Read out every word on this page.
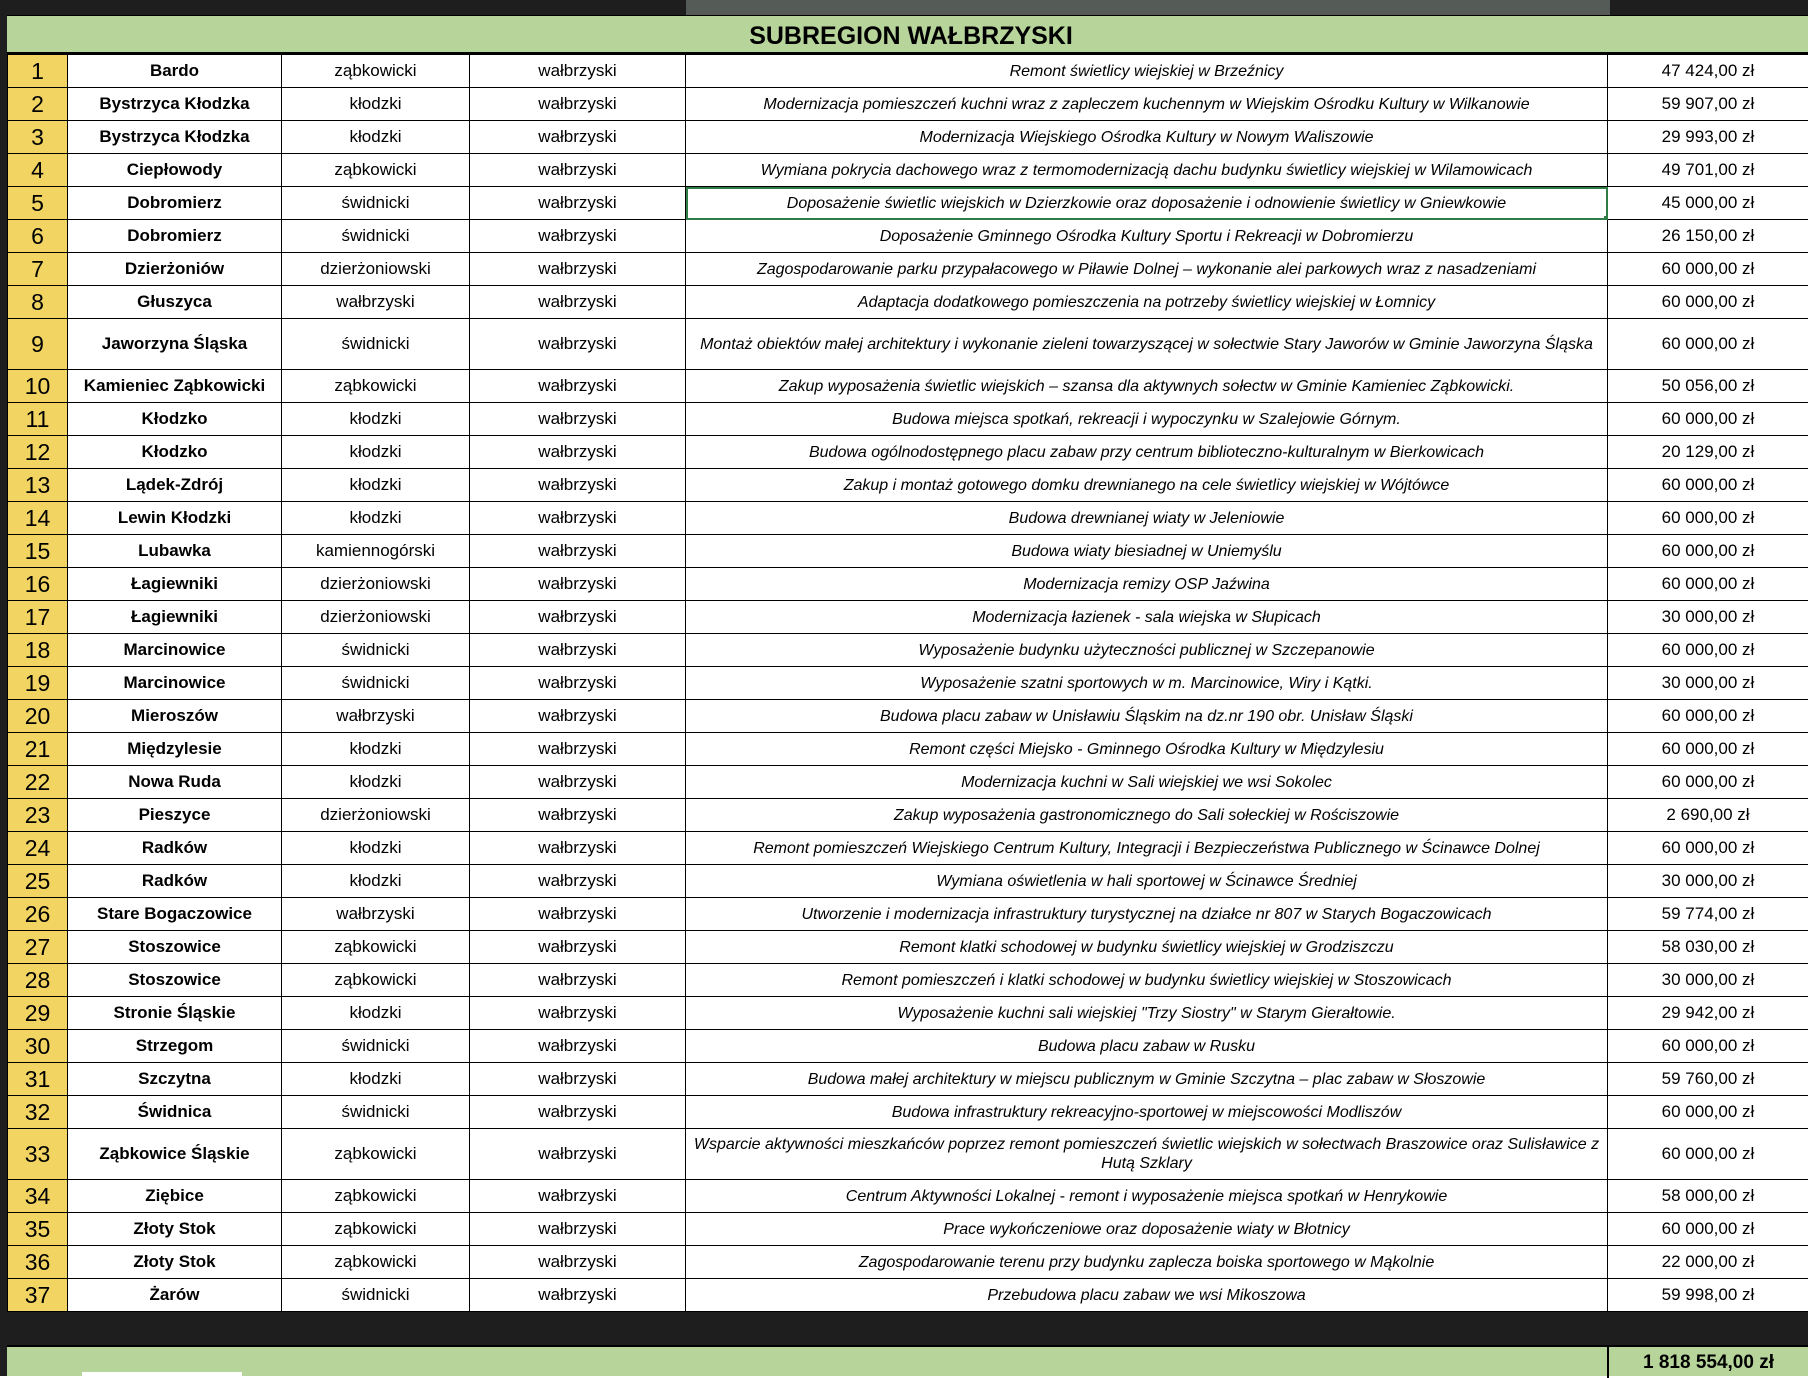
SUBREGION WAŁBRZYSKI
1	Bardo	ząbkowicki	wałbrzyski	Remont świetlicy wiejskiej w Brzeźnicy	47 424,00 zł
2	Bystrzyca Kłodzka	kłodzki	wałbrzyski	Modernizacja pomieszczeń kuchni wraz z zapleczem kuchennym w Wiejskim Ośrodku Kultury w Wilkanowie	59 907,00 zł
3	Bystrzyca Kłodzka	kłodzki	wałbrzyski	Modernizacja Wiejskiego Ośrodka Kultury w Nowym Waliszowie	29 993,00 zł
4	Ciepłowody	ząbkowicki	wałbrzyski	Wymiana pokrycia dachowego wraz z termomodernizacją dachu budynku świetlicy wiejskiej w Wilamowicach	49 701,00 zł
5	Dobromierz	świdnicki	wałbrzyski	Doposażenie świetlic wiejskich w Dzierzkowie oraz doposażenie i odnowienie świetlicy w Gniewkowie	45 000,00 zł
6	Dobromierz	świdnicki	wałbrzyski	Doposażenie Gminnego Ośrodka Kultury Sportu i Rekreacji w Dobromierzu	26 150,00 zł
7	Dzierżoniów	dzierżoniowski	wałbrzyski	Zagospodarowanie parku przypałacowego w Piławie Dolnej – wykonanie alei parkowych wraz z nasadzeniami	60 000,00 zł
8	Głuszyca	wałbrzyski	wałbrzyski	Adaptacja dodatkowego pomieszczenia na potrzeby świetlicy wiejskiej w Łomnicy	60 000,00 zł
9	Jaworzyna Śląska	świdnicki	wałbrzyski	Montaż obiektów małej architektury i wykonanie zieleni towarzyszącej w sołectwie Stary Jaworów w Gminie Jaworzyna Śląska	60 000,00 zł
10	Kamieniec Ząbkowicki	ząbkowicki	wałbrzyski	Zakup wyposażenia świetlic wiejskich – szansa dla aktywnych sołectw w Gminie Kamieniec Ząbkowicki.	50 056,00 zł
11	Kłodzko	kłodzki	wałbrzyski	Budowa miejsca spotkań, rekreacji i wypoczynku w Szalejowie Górnym.	60 000,00 zł
12	Kłodzko	kłodzki	wałbrzyski	Budowa ogólnodostępnego placu zabaw przy centrum biblioteczno-kulturalnym w Bierkowicach	20 129,00 zł
13	Lądek-Zdrój	kłodzki	wałbrzyski	Zakup i montaż gotowego domku drewnianego na cele świetlicy wiejskiej w Wójtówce	60 000,00 zł
14	Lewin Kłodzki	kłodzki	wałbrzyski	Budowa drewnianej wiaty w Jeleniowie	60 000,00 zł
15	Lubawka	kamiennogórski	wałbrzyski	Budowa wiaty biesiadnej w Uniemyślu	60 000,00 zł
16	Łagiewniki	dzierżoniowski	wałbrzyski	Modernizacja remizy OSP Jaźwina	60 000,00 zł
17	Łagiewniki	dzierżoniowski	wałbrzyski	Modernizacja łazienek - sala wiejska w Słupicach	30 000,00 zł
18	Marcinowice	świdnicki	wałbrzyski	Wyposażenie budynku użyteczności publicznej w Szczepanowie	60 000,00 zł
19	Marcinowice	świdnicki	wałbrzyski	Wyposażenie szatni sportowych w m. Marcinowice, Wiry i Kątki.	30 000,00 zł
20	Mieroszów	wałbrzyski	wałbrzyski	Budowa placu zabaw w Unisławiu Śląskim na dz.nr 190 obr. Unisław Śląski	60 000,00 zł
21	Międzylesie	kłodzki	wałbrzyski	Remont części Miejsko - Gminnego Ośrodka Kultury w Międzylesiu	60 000,00 zł
22	Nowa Ruda	kłodzki	wałbrzyski	Modernizacja kuchni w Sali wiejskiej we wsi Sokolec	60 000,00 zł
23	Pieszyce	dzierżoniowski	wałbrzyski	Zakup wyposażenia gastronomicznego do Sali sołeckiej w Rościszowie	2 690,00 zł
24	Radków	kłodzki	wałbrzyski	Remont pomieszczeń Wiejskiego Centrum Kultury, Integracji i Bezpieczeństwa Publicznego w Ścinawce Dolnej	60 000,00 zł
25	Radków	kłodzki	wałbrzyski	Wymiana oświetlenia w hali sportowej w Ścinawce Średniej	30 000,00 zł
26	Stare Bogaczowice	wałbrzyski	wałbrzyski	Utworzenie i modernizacja infrastruktury turystycznej na działce nr 807 w Starych Bogaczowicach	59 774,00 zł
27	Stoszowice	ząbkowicki	wałbrzyski	Remont klatki schodowej w budynku świetlicy wiejskiej w Grodziszczu	58 030,00 zł
28	Stoszowice	ząbkowicki	wałbrzyski	Remont pomieszczeń i klatki schodowej w budynku świetlicy wiejskiej w Stoszowicach	30 000,00 zł
29	Stronie Śląskie	kłodzki	wałbrzyski	Wyposażenie kuchni sali wiejskiej "Trzy Siostry" w Starym Gierałtowie.	29 942,00 zł
30	Strzegom	świdnicki	wałbrzyski	Budowa placu zabaw w Rusku	60 000,00 zł
31	Szczytna	kłodzki	wałbrzyski	Budowa małej architektury w miejscu publicznym w Gminie Szczytna – plac zabaw w Słoszowie	59 760,00 zł
32	Świdnica	świdnicki	wałbrzyski	Budowa infrastruktury rekreacyjno-sportowej w miejscowości Modliszów	60 000,00 zł
33	Ząbkowice Śląskie	ząbkowicki	wałbrzyski	Wsparcie aktywności mieszkańców poprzez remont pomieszczeń świetlic wiejskich w sołectwach Braszowice oraz Sulisławice z Hutą Szklary	60 000,00 zł
34	Ziębice	ząbkowicki	wałbrzyski	Centrum Aktywności Lokalnej - remont i wyposażenie miejsca spotkań w Henrykowie	58 000,00 zł
35	Złoty Stok	ząbkowicki	wałbrzyski	Prace wykończeniowe oraz doposażenie wiaty w Błotnicy	60 000,00 zł
36	Złoty Stok	ząbkowicki	wałbrzyski	Zagospodarowanie terenu przy budynku zaplecza boiska sportowego w Mąkolnie	22 000,00 zł
37	Żarów	świdnicki	wałbrzyski	Przebudowa placu zabaw we wsi Mikoszowa	59 998,00 zł
1 818 554,00 zł
